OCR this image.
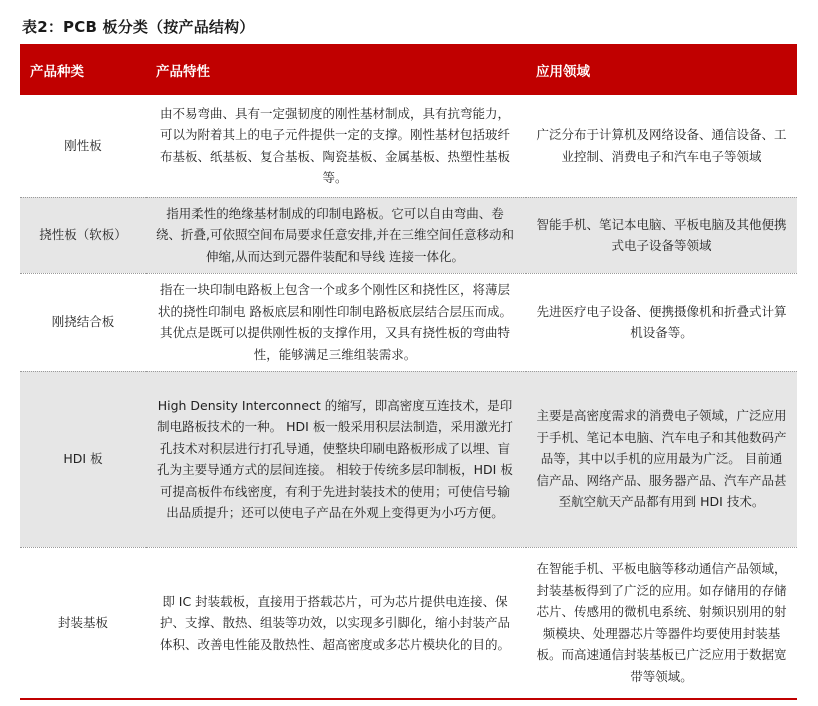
表2：PCB 板分类（按产品结构）
产品种类	产品特性	应用领域
刚性板	由不易弯曲、具有一定强韧度的刚性基材制成，具有抗弯能力，可以为附着其上的电子元件提供一定的支撑。刚性基材包括玻纤布基板、纸基板、复合基板、陶瓷基板、金属基板、热塑性基板等。	广泛分布于计算机及网络设备、通信设备、工业控制、消费电子和汽车电子等领域
挠性板（软板）	指用柔性的绝缘基材制成的印制电路板。它可以自由弯曲、卷绕、折叠,可依照空间布局要求任意安排,并在三维空间任意移动和伸缩,从而达到元器件装配和导线 连接一体化。	智能手机、笔记本电脑、平板电脑及其他便携式电子设备等领域
刚挠结合板	指在一块印制电路板上包含一个或多个刚性区和挠性区，将薄层状的挠性印制电 路板底层和刚性印制电路板底层结合层压而成。其优点是既可以提供刚性板的支撑作用，又具有挠性板的弯曲特性，能够满足三维组装需求。	先进医疗电子设备、便携摄像机和折叠式计算机设备等。
HDI 板	High Density Interconnect 的缩写，即高密度互连技术，是印制电路板技术的一种。 HDI 板一般采用积层法制造，采用激光打孔技术对积层进行打孔导通，使整块印刷电路板形成了以埋、盲孔为主要导通方式的层间连接。 相较于传统多层印制板，HDI 板可提高板件布线密度，有利于先进封装技术的使用；可使信号输出品质提升；还可以使电子产品在外观上变得更为小巧方便。	主要是高密度需求的消费电子领域，广泛应用于手机、笔记本电脑、汽车电子和其他数码产品等，其中以手机的应用最为广泛。 目前通信产品、网络产品、服务器产品、汽车产品甚至航空航天产品都有用到 HDI 技术。
封装基板	即 IC 封装载板，直接用于搭载芯片，可为芯片提供电连接、保护、支撑、散热、组装等功效，以实现多引脚化，缩小封装产品体积、改善电性能及散热性、超高密度或多芯片模块化的目的。	在智能手机、平板电脑等移动通信产品领域，封装基板得到了广泛的应用。如存储用的存储芯片、传感用的微机电系统、射频识别用的射频模块、处理器芯片等器件均要使用封装基板。而高速通信封装基板已广泛应用于数据宽带等领域。
